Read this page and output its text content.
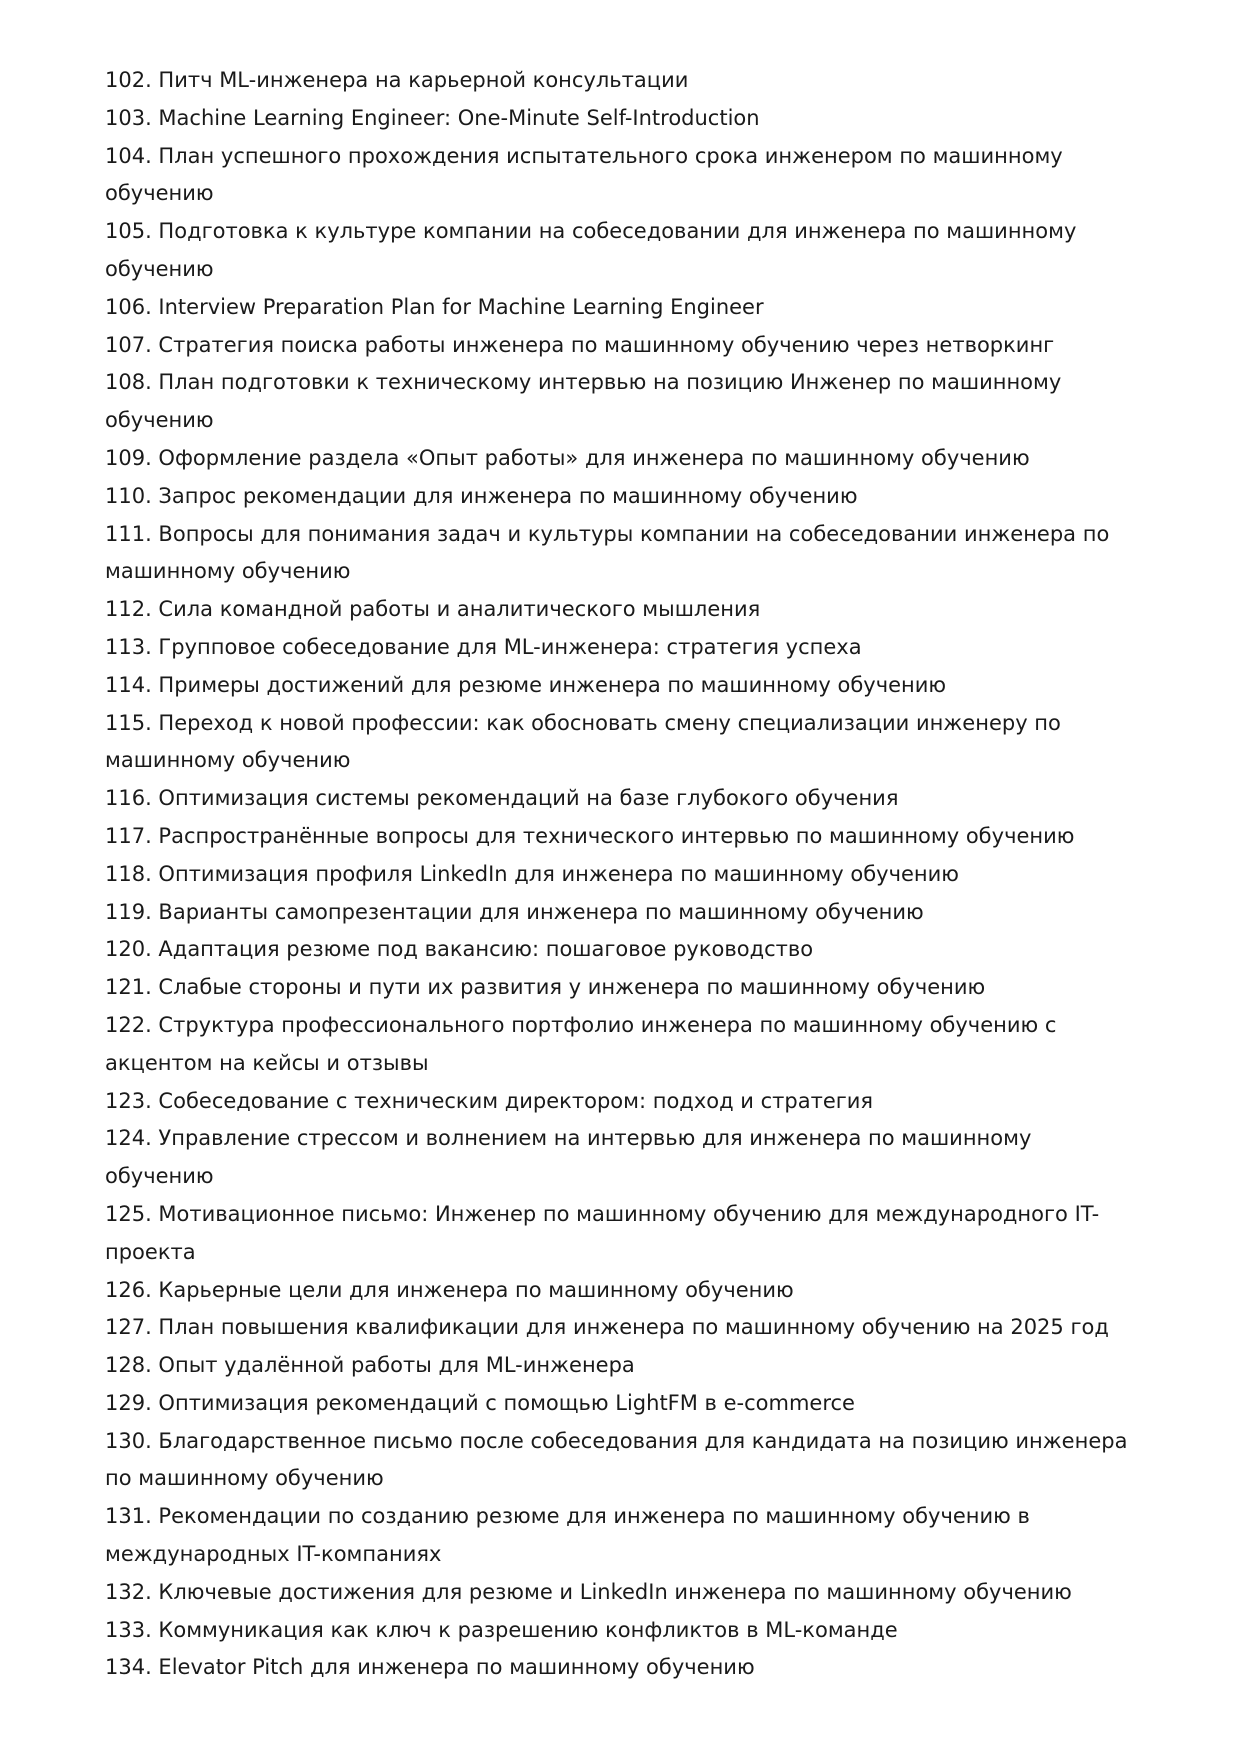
102. Питч ML-инженера на карьерной консультации
103. Machine Learning Engineer: One-Minute Self-Introduction
104. План успешного прохождения испытательного срока инженером по машинному обучению
105. Подготовка к культуре компании на собеседовании для инженера по машинному обучению
106. Interview Preparation Plan for Machine Learning Engineer
107. Стратегия поиска работы инженера по машинному обучению через нетворкинг
108. План подготовки к техническому интервью на позицию Инженер по машинному обучению
109. Оформление раздела «Опыт работы» для инженера по машинному обучению
110. Запрос рекомендации для инженера по машинному обучению
111. Вопросы для понимания задач и культуры компании на собеседовании инженера по машинному обучению
112. Сила командной работы и аналитического мышления
113. Групповое собеседование для ML-инженера: стратегия успеха
114. Примеры достижений для резюме инженера по машинному обучению
115. Переход к новой профессии: как обосновать смену специализации инженеру по машинному обучению
116. Оптимизация системы рекомендаций на базе глубокого обучения
117. Распространённые вопросы для технического интервью по машинному обучению
118. Оптимизация профиля LinkedIn для инженера по машинному обучению
119. Варианты самопрезентации для инженера по машинному обучению
120. Адаптация резюме под вакансию: пошаговое руководство
121. Слабые стороны и пути их развития у инженера по машинному обучению
122. Структура профессионального портфолио инженера по машинному обучению с акцентом на кейсы и отзывы
123. Собеседование с техническим директором: подход и стратегия
124. Управление стрессом и волнением на интервью для инженера по машинному обучению
125. Мотивационное письмо: Инженер по машинному обучению для международного IT-проекта
126. Карьерные цели для инженера по машинному обучению
127. План повышения квалификации для инженера по машинному обучению на 2025 год
128. Опыт удалённой работы для ML-инженера
129. Оптимизация рекомендаций с помощью LightFM в e-commerce
130. Благодарственное письмо после собеседования для кандидата на позицию инженера по машинному обучению
131. Рекомендации по созданию резюме для инженера по машинному обучению в международных IT-компаниях
132. Ключевые достижения для резюме и LinkedIn инженера по машинному обучению
133. Коммуникация как ключ к разрешению конфликтов в ML-команде
134. Elevator Pitch для инженера по машинному обучению
